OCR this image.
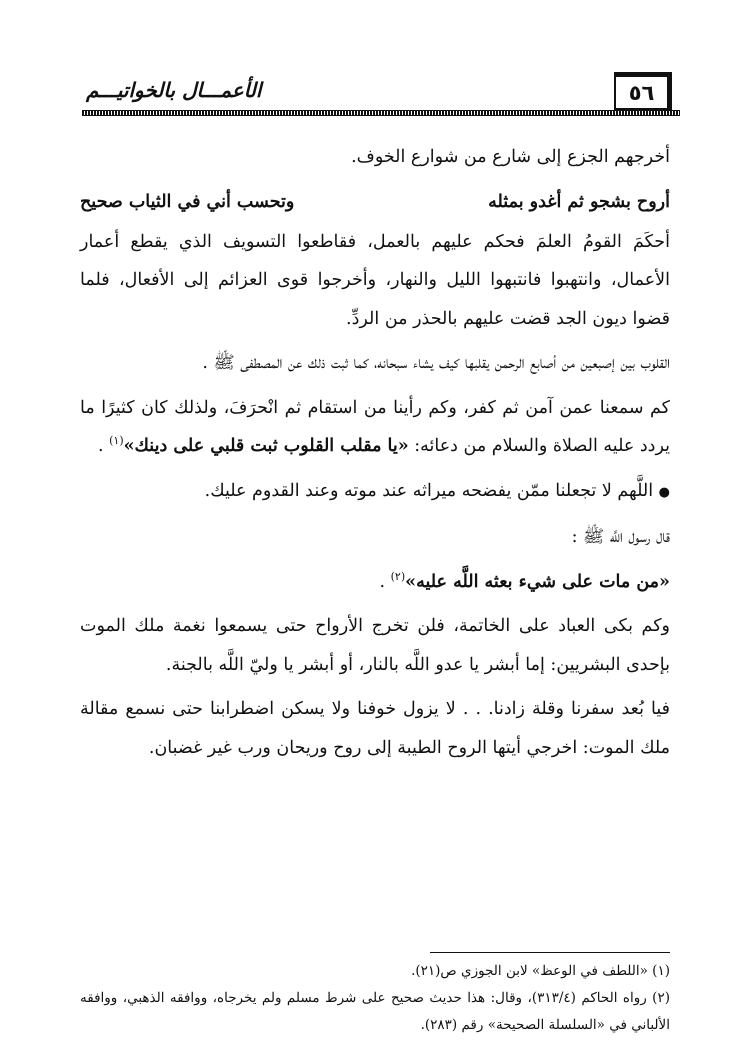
٥٦
الأعمـــال بالخواتيـــم

أخرجهم الجزع إلى شارع من شوارع الخوف.

أروح بشجو ثم أغدو بمثله
وتحسب أني في الثياب صحيح

أحكَمَ القومُ العلمَ فحكم عليهم بالعمل، فقاطعوا التسويف الذي يقطع أعمار الأعمال، وانتهبوا فانتبهوا الليل والنهار، وأخرجوا قوى العزائم إلى الأفعال، فلما قضوا ديون الجد قضت عليهم بالحذر من الردِّ.

القلوب بين إصبعين من أصابع الرحمن يقلبها كيف يشاء سبحانه، كما ثبت ذلك عن المصطفى ﷺ .

كم سمعنا عمن آمن ثم كفر، وكم رأينا من استقام ثم انْحرَفَ، ولذلك كان كثيرًا ما يردد عليه الصلاة والسلام من دعائه: «يا مقلب القلوب ثبت قلبي على دينك»$^{(١)}$ .

● اللَّهم لا تجعلنا ممّن يفضحه ميراثه عند موته وعند القدوم عليك.

قال رسول اللَّه ﷺ :

«من مات على شيء بعثه اللَّه عليه»$^{(٢)}$ .

وكم بكى العباد على الخاتمة، فلن تخرج الأرواح حتى يسمعوا نغمة ملك الموت بإحدى البشريين: إما أبشر يا عدو اللَّه بالنار، أو أبشر يا وليّ اللَّه بالجنة.

فيا بُعد سفرنا وقلة زادنا. . . لا يزول خوفنا ولا يسكن اضطرابنا حتى نسمع مقالة ملك الموت: اخرجي أيتها الروح الطيبة إلى روح وريحان ورب غير غضبان.

(١) «اللطف في الوعظ» لابن الجوزي ص(٢١).

(٢) رواه الحاكم (٣١٣/٤)، وقال: هذا حديث صحيح على شرط مسلم ولم يخرجاه، ووافقه الذهبي، ووافقه الألباني في «السلسلة الصحيحة» رقم (٢٨٣).
